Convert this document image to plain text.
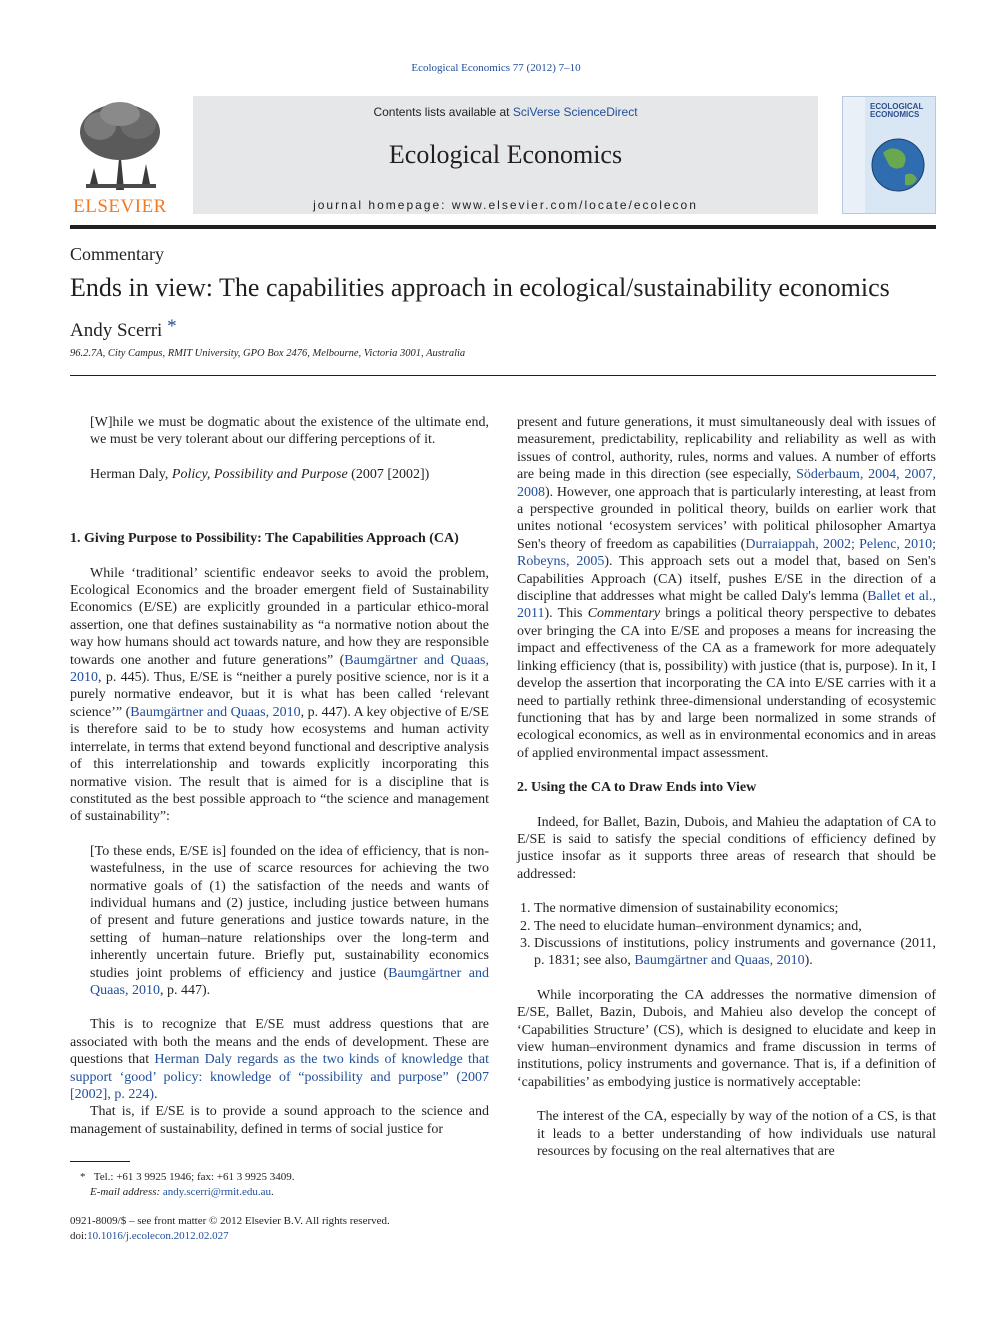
Ecological Economics 77 (2012) 7–10
ELSEVIER
Contents lists available at SciVerse ScienceDirect
Ecological Economics
journal homepage: www.elsevier.com/locate/ecolecon
ECOLOGICAL ECONOMICS
Commentary
Ends in view: The capabilities approach in ecological/sustainability economics
Andy Scerri *
96.2.7A, City Campus, RMIT University, GPO Box 2476, Melbourne, Victoria 3001, Australia

[W]hile we must be dogmatic about the existence of the ultimate end, we must be very tolerant about our differing perceptions of it.

Herman Daly, Policy, Possibility and Purpose (2007 [2002])

1. Giving Purpose to Possibility: The Capabilities Approach (CA)

While ‘traditional’ scientific endeavor seeks to avoid the problem, Ecological Economics and the broader emergent field of Sustainability Economics (E/SE) are explicitly grounded in a particular ethico-moral assertion, one that defines sustainability as “a normative notion about the way how humans should act towards nature, and how they are responsible towards one another and future generations” (Baumgärtner and Quaas, 2010, p. 445). Thus, E/SE is “neither a purely positive science, nor is it a purely normative endeavor, but it is what has been called ‘relevant science’” (Baumgärtner and Quaas, 2010, p. 447). A key objective of E/SE is therefore said to be to study how ecosystems and human activity interrelate, in terms that extend beyond functional and descriptive analysis of this interrelationship and towards explicitly incorporating this normative vision. The result that is aimed for is a discipline that is constituted as the best possible approach to “the science and management of sustainability”:

[To these ends, E/SE is] founded on the idea of efficiency, that is non-wastefulness, in the use of scarce resources for achieving the two normative goals of (1) the satisfaction of the needs and wants of individual humans and (2) justice, including justice between humans of present and future generations and justice towards nature, in the setting of human–nature relationships over the long-term and inherently uncertain future. Briefly put, sustainability economics studies joint problems of efficiency and justice (Baumgärtner and Quaas, 2010, p. 447).

This is to recognize that E/SE must address questions that are associated with both the means and the ends of development. These are questions that Herman Daly regards as the two kinds of knowledge that support ‘good’ policy: knowledge of “possibility and purpose” (2007 [2002], p. 224).

That is, if E/SE is to provide a sound approach to the science and management of sustainability, defined in terms of social justice for

* Tel.: +61 3 9925 1946; fax: +61 3 9925 3409.
E-mail address: andy.scerri@rmit.edu.au.
0921-8009/$ – see front matter © 2012 Elsevier B.V. All rights reserved.
doi:10.1016/j.ecolecon.2012.02.027

present and future generations, it must simultaneously deal with issues of measurement, predictability, replicability and reliability as well as with issues of control, authority, rules, norms and values. A number of efforts are being made in this direction (see especially, Söderbaum, 2004, 2007, 2008). However, one approach that is particularly interesting, at least from a perspective grounded in political theory, builds on earlier work that unites notional ‘ecosystem services’ with political philosopher Amartya Sen's theory of freedom as capabilities (Durraiappah, 2002; Pelenc, 2010; Robeyns, 2005). This approach sets out a model that, based on Sen's Capabilities Approach (CA) itself, pushes E/SE in the direction of a discipline that addresses what might be called Daly's lemma (Ballet et al., 2011). This Commentary brings a political theory perspective to debates over bringing the CA into E/SE and proposes a means for increasing the impact and effectiveness of the CA as a framework for more adequately linking efficiency (that is, possibility) with justice (that is, purpose). In it, I develop the assertion that incorporating the CA into E/SE carries with it a need to partially rethink three-dimensional understanding of ecosystemic functioning that has by and large been normalized in some strands of ecological economics, as well as in environmental economics and in areas of applied environmental impact assessment.

2. Using the CA to Draw Ends into View

Indeed, for Ballet, Bazin, Dubois, and Mahieu the adaptation of CA to E/SE is said to satisfy the special conditions of efficiency defined by justice insofar as it supports three areas of research that should be addressed:

1. The normative dimension of sustainability economics;
2. The need to elucidate human–environment dynamics; and,
3. Discussions of institutions, policy instruments and governance (2011, p. 1831; see also, Baumgärtner and Quaas, 2010).

While incorporating the CA addresses the normative dimension of E/SE, Ballet, Bazin, Dubois, and Mahieu also develop the concept of ‘Capabilities Structure’ (CS), which is designed to elucidate and keep in view human–environment dynamics and frame discussion in terms of institutions, policy instruments and governance. That is, if a definition of ‘capabilities’ as embodying justice is normatively acceptable:

The interest of the CA, especially by way of the notion of a CS, is that it leads to a better understanding of how individuals use natural resources by focusing on the real alternatives that are
